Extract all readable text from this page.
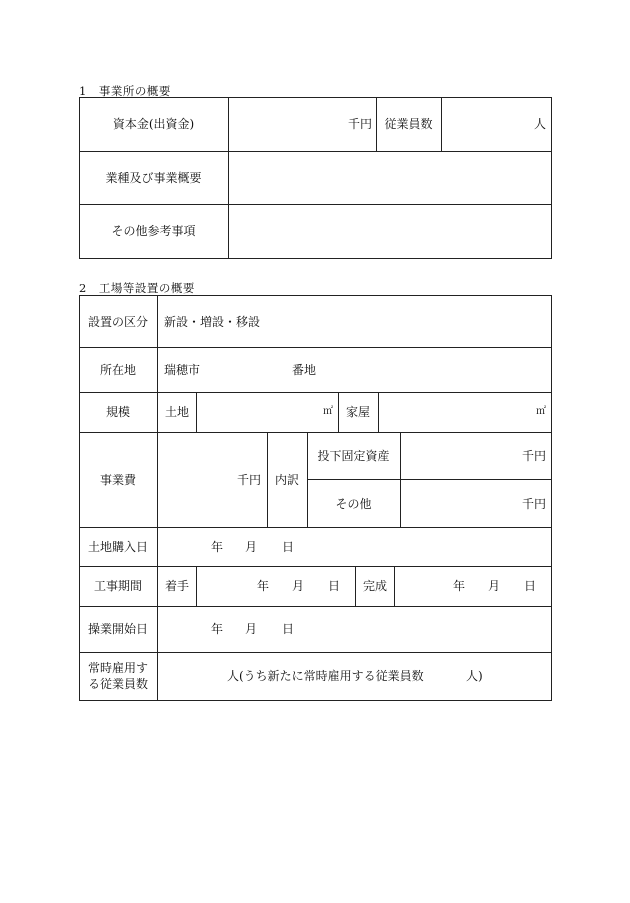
1　事業所の概要
資本金(出資金)	千円	従業員数	人
業種及び事業概要
その他参考事項
2　工場等設置の概要
設置の区分	新設・増設・移設
所在地	瑞穂市	番地
規模	土地	㎡ 家屋	㎡
事業費	千円	内訳
投下固定資産	千円
その他	千円
土地購入日	年 月 日
工事期間	着手	年 月 日 完成	年 月 日
操業開始日	年 月 日
常時雇用す
る従業員数
人(うち新たに常時雇用する従業員数	人)
